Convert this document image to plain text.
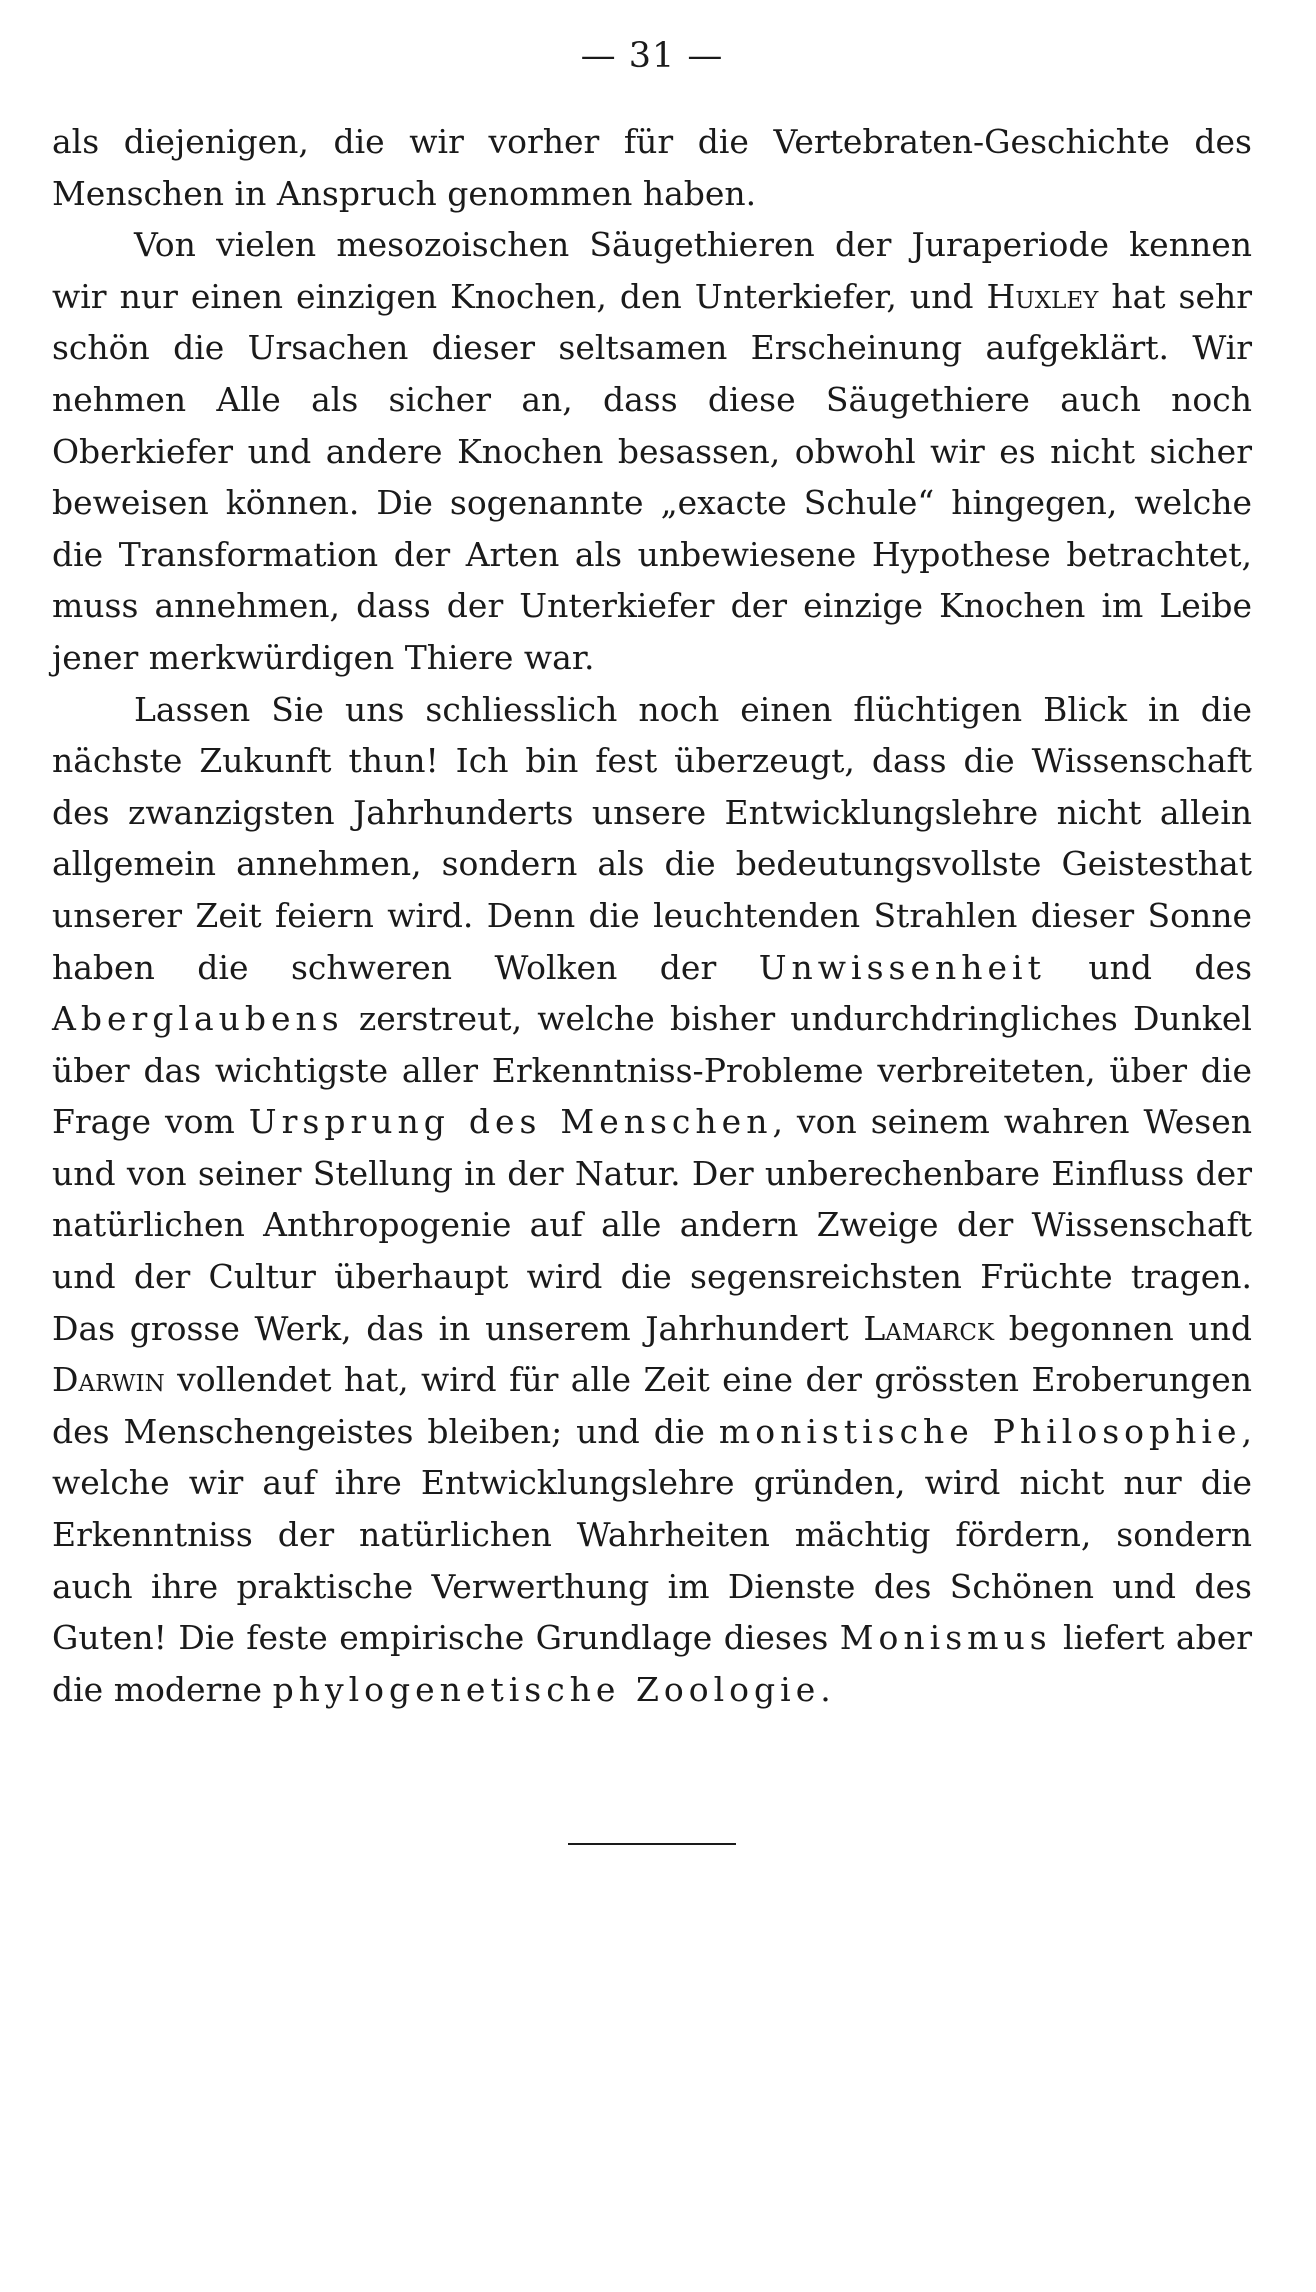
— 31 —

als diejenigen, die wir vorher für die Vertebraten-Geschichte des Menschen in Anspruch genommen haben.

Von vielen mesozoischen Säugethieren der Juraperiode kennen wir nur einen einzigen Knochen, den Unterkiefer, und Huxley hat sehr schön die Ursachen dieser seltsamen Erscheinung aufgeklärt. Wir nehmen Alle als sicher an, dass diese Säugethiere auch noch Oberkiefer und andere Knochen besassen, obwohl wir es nicht sicher beweisen können. Die sogenannte „exacte Schule“ hingegen, welche die Transformation der Arten als unbewiesene Hypothese betrachtet, muss annehmen, dass der Unterkiefer der einzige Knochen im Leibe jener merkwürdigen Thiere war.

Lassen Sie uns schliesslich noch einen flüchtigen Blick in die nächste Zukunft thun! Ich bin fest überzeugt, dass die Wissenschaft des zwanzigsten Jahrhunderts unsere Entwicklungslehre nicht allein allgemein annehmen, sondern als die bedeutungsvollste Geistesthat unserer Zeit feiern wird. Denn die leuchtenden Strahlen dieser Sonne haben die schweren Wolken der Unwissenheit und des Aberglaubens zerstreut, welche bisher undurchdringliches Dunkel über das wichtigste aller Erkenntniss-Probleme verbreiteten, über die Frage vom Ursprung des Menschen, von seinem wahren Wesen und von seiner Stellung in der Natur. Der unberechenbare Einfluss der natürlichen Anthropogenie auf alle andern Zweige der Wissenschaft und der Cultur überhaupt wird die segensreichsten Früchte tragen. Das grosse Werk, das in unserem Jahrhundert Lamarck begonnen und Darwin vollendet hat, wird für alle Zeit eine der grössten Eroberungen des Menschengeistes bleiben; und die monistische Philosophie, welche wir auf ihre Entwicklungslehre gründen, wird nicht nur die Erkenntniss der natürlichen Wahrheiten mächtig fördern, sondern auch ihre praktische Verwerthung im Dienste des Schönen und des Guten! Die feste empirische Grundlage dieses Monismus liefert aber die moderne phylogenetische Zoologie.
